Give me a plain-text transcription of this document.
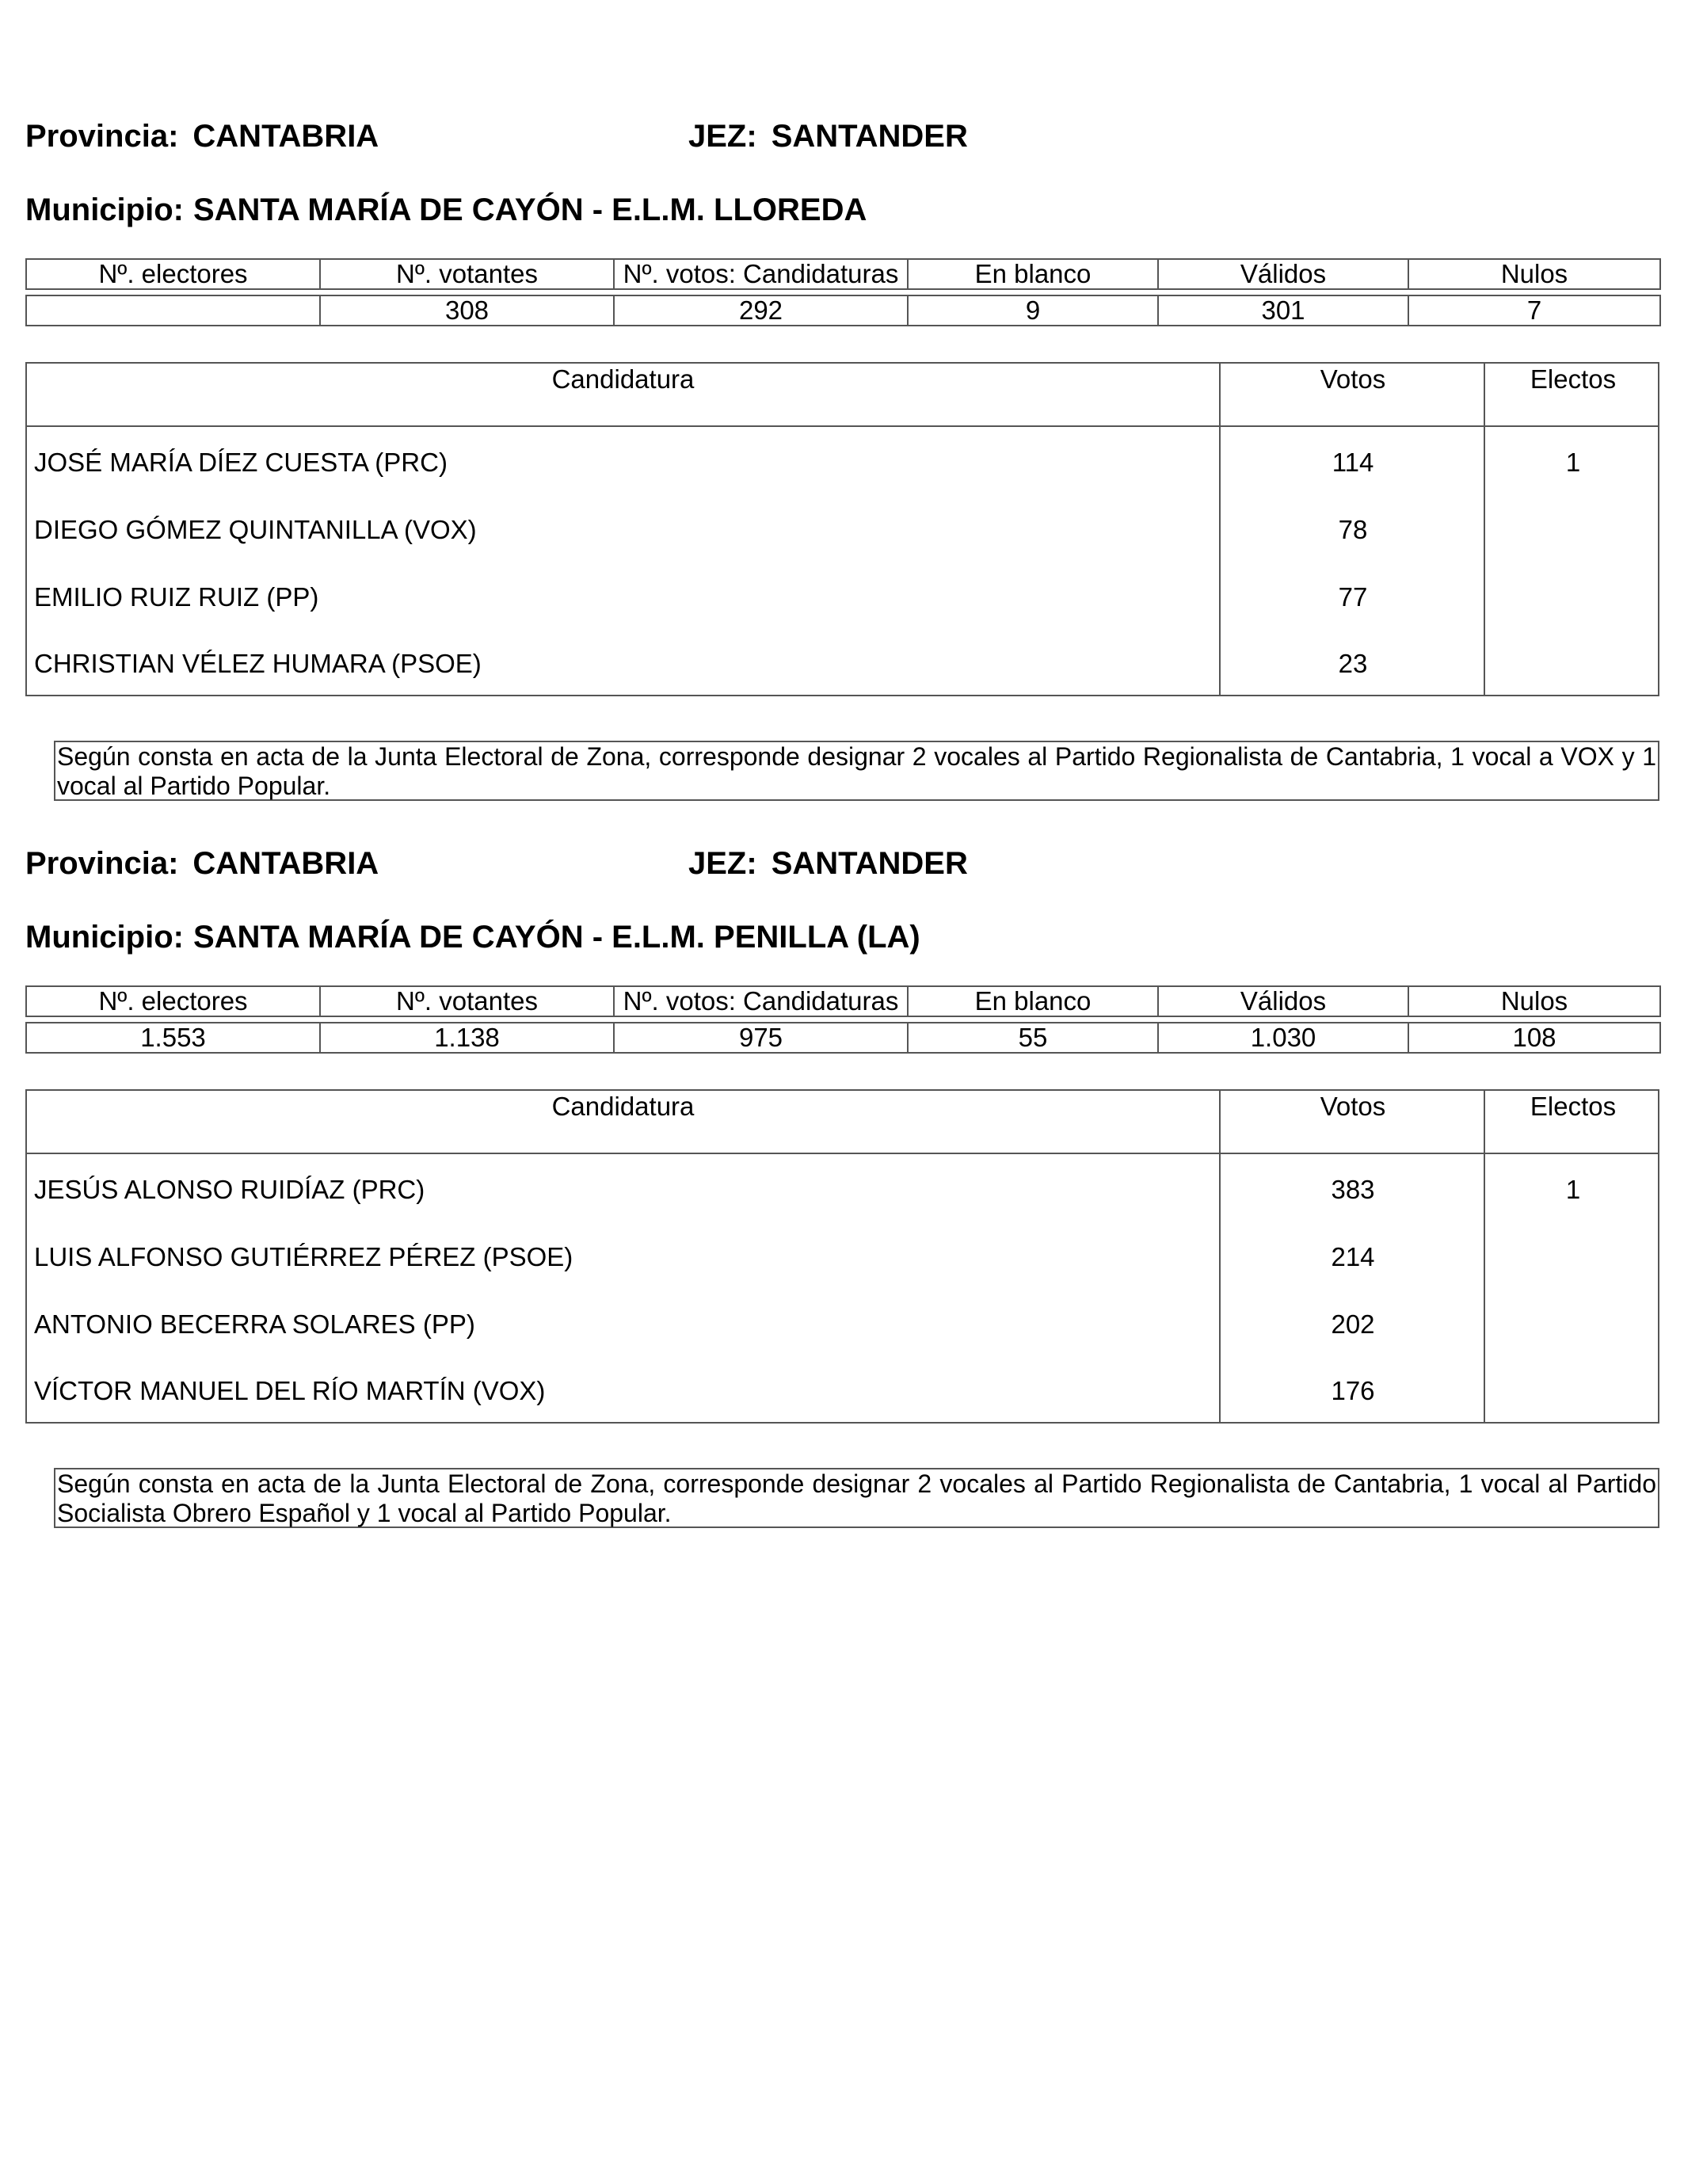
Provincia: CANTABRIA	JEZ: SANTANDER
Municipio: SANTA MARÍA DE CAYÓN - E.L.M. LLOREDA
Nº. electores	Nº. votantes	Nº. votos: Candidaturas	En blanco	Válidos	Nulos

	308	292	9	301	7
Candidatura	Votos	Electos
JOSÉ MARÍA DÍEZ CUESTA (PRC)	114	1
DIEGO GÓMEZ QUINTANILLA (VOX)	78
EMILIO RUIZ RUIZ (PP)	77
CHRISTIAN VÉLEZ HUMARA (PSOE)	23
Según consta en acta de la Junta Electoral de Zona, corresponde designar 2 vocales al Partido Regionalista de Cantabria, 1 vocal a VOX y 1 vocal al Partido Popular.
Provincia: CANTABRIA	JEZ: SANTANDER
Municipio: SANTA MARÍA DE CAYÓN - E.L.M. PENILLA (LA)
Nº. electores	Nº. votantes	Nº. votos: Candidaturas	En blanco	Válidos	Nulos

1.553	1.138	975	55	1.030	108
Candidatura	Votos	Electos
JESÚS ALONSO RUIDÍAZ (PRC)	383	1
LUIS ALFONSO GUTIÉRREZ PÉREZ (PSOE)	214
ANTONIO BECERRA SOLARES (PP)	202
VÍCTOR MANUEL DEL RÍO MARTÍN (VOX)	176
Según consta en acta de la Junta Electoral de Zona, corresponde designar 2 vocales al Partido Regionalista de Cantabria, 1 vocal al Partido Socialista Obrero Español y 1 vocal al Partido Popular.
